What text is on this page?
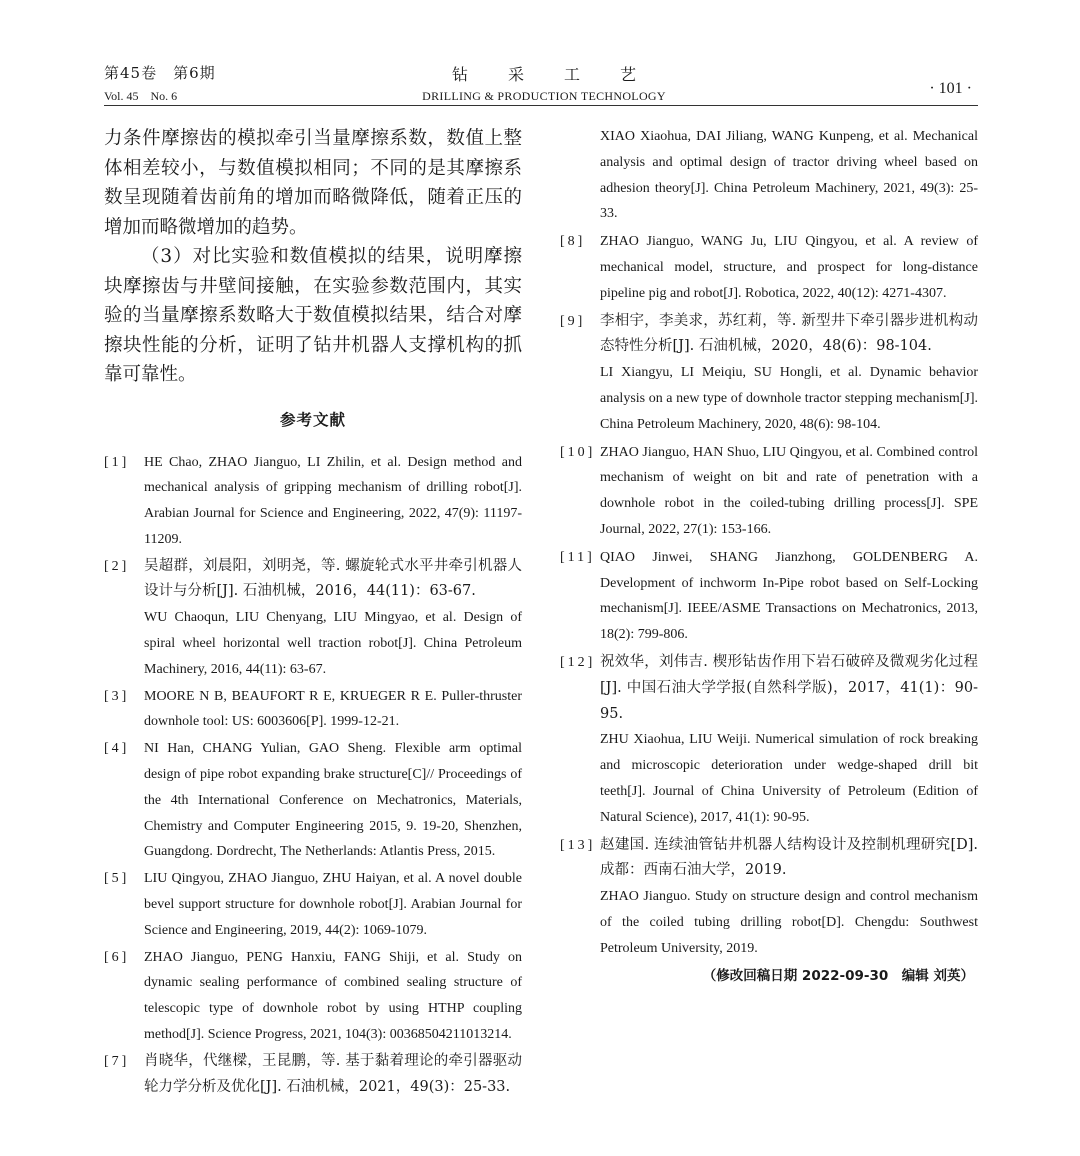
第45卷　第6期
Vol. 45　No. 6
钻采工艺
DRILLING & PRODUCTION TECHNOLOGY	· 101 ·

力条件摩擦齿的模拟牵引当量摩擦系数，数值上整体相差较小，与数值模拟相同；不同的是其摩擦系数呈现随着齿前角的增加而略微降低，随着正压的增加而略微增加的趋势。

（3）对比实验和数值模拟的结果，说明摩擦块摩擦齿与井壁间接触，在实验参数范围内，其实验的当量摩擦系数略大于数值模拟结果，结合对摩擦块性能的分析，证明了钻井机器人支撑机构的抓靠可靠性。

参考文献
[1] HE Chao, ZHAO Jianguo, LI Zhilin, et al. Design method and mechanical analysis of gripping mechanism of drilling robot[J]. Arabian Journal for Science and Engineering, 2022, 47(9): 11197-11209.
[2] 吴超群，刘晨阳，刘明尧，等. 螺旋轮式水平井牵引机器人设计与分析[J]. 石油机械，2016，44(11)：63-67.
WU Chaoqun, LIU Chenyang, LIU Mingyao, et al. Design of spiral wheel horizontal well traction robot[J]. China Petroleum Machinery, 2016, 44(11): 63-67.
[3] MOORE N B, BEAUFORT R E, KRUEGER R E. Puller-thruster downhole tool: US: 6003606[P]. 1999-12-21.
[4] NI Han, CHANG Yulian, GAO Sheng. Flexible arm optimal design of pipe robot expanding brake structure[C]// Proceedings of the 4th International Conference on Mechatronics, Materials, Chemistry and Computer Engineering 2015, 9. 19-20, Shenzhen, Guangdong. Dordrecht, The Netherlands: Atlantis Press, 2015.
[5] LIU Qingyou, ZHAO Jianguo, ZHU Haiyan, et al. A novel double bevel support structure for downhole robot[J]. Arabian Journal for Science and Engineering, 2019, 44(2): 1069-1079.
[6] ZHAO Jianguo, PENG Hanxiu, FANG Shiji, et al. Study on dynamic sealing performance of combined sealing structure of telescopic type of downhole robot by using HTHP coupling method[J]. Science Progress, 2021, 104(3): 00368504211013214.
[7] 肖晓华，代继樑，王昆鹏，等. 基于黏着理论的牵引器驱动轮力学分析及优化[J]. 石油机械，2021，49(3)：25-33.
XIAO Xiaohua, DAI Jiliang, WANG Kunpeng, et al. Mechanical analysis and optimal design of tractor driving wheel based on adhesion theory[J]. China Petroleum Machinery, 2021, 49(3): 25-33.
[8] ZHAO Jianguo, WANG Ju, LIU Qingyou, et al. A review of mechanical model, structure, and prospect for long-distance pipeline pig and robot[J]. Robotica, 2022, 40(12): 4271-4307.
[9] 李相宇，李美求，苏红莉，等. 新型井下牵引器步进机构动态特性分析[J]. 石油机械，2020，48(6)：98-104.
LI Xiangyu, LI Meiqiu, SU Hongli, et al. Dynamic behavior analysis on a new type of downhole tractor stepping mechanism[J]. China Petroleum Machinery, 2020, 48(6): 98-104.
[10] ZHAO Jianguo, HAN Shuo, LIU Qingyou, et al. Combined control mechanism of weight on bit and rate of penetration with a downhole robot in the coiled-tubing drilling process[J]. SPE Journal, 2022, 27(1): 153-166.
[11] QIAO Jinwei, SHANG Jianzhong, GOLDENBERG A. Development of inchworm In-Pipe robot based on Self-Locking mechanism[J]. IEEE/ASME Transactions on Mechatronics, 2013, 18(2): 799-806.
[12] 祝效华，刘伟吉. 楔形钻齿作用下岩石破碎及微观劣化过程[J]. 中国石油大学学报(自然科学版)，2017，41(1)：90-95.
ZHU Xiaohua, LIU Weiji. Numerical simulation of rock breaking and microscopic deterioration under wedge-shaped drill bit teeth[J]. Journal of China University of Petroleum (Edition of Natural Science), 2017, 41(1): 90-95.
[13] 赵建国. 连续油管钻井机器人结构设计及控制机理研究[D]. 成都：西南石油大学，2019.
ZHAO Jianguo. Study on structure design and control mechanism of the coiled tubing drilling robot[D]. Chengdu: Southwest Petroleum University, 2019.
（修改回稿日期 2022-09-30　编辑 刘英）
